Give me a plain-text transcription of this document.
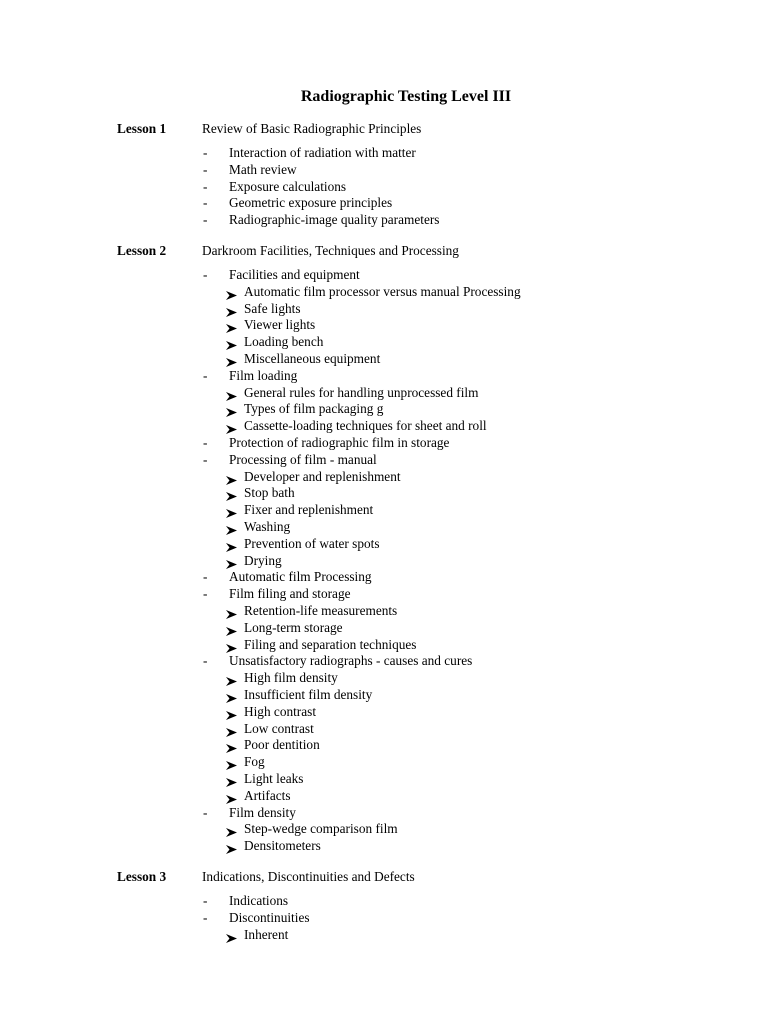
Radiographic Testing Level III
Lesson 1	Review of Basic Radiographic Principles
- Interaction of radiation with matter
- Math review
- Exposure calculations
- Geometric exposure principles
- Radiographic-image quality parameters
Lesson 2	Darkroom Facilities, Techniques and Processing
- Facilities and equipment
Automatic film processor versus manual Processing
Safe lights
Viewer lights
Loading bench
Miscellaneous equipment
- Film loading
General rules for handling unprocessed film
Types of film packaging g
Cassette-loading techniques for sheet and roll
- Protection of radiographic film in storage
- Processing of film - manual
Developer and replenishment
Stop bath
Fixer and replenishment
Washing
Prevention of water spots
Drying
- Automatic film Processing
- Film filing and storage
Retention-life measurements
Long-term storage
Filing and separation techniques
- Unsatisfactory radiographs - causes and cures
High film density
Insufficient film density
High contrast
Low contrast
Poor dentition
Fog
Light leaks
Artifacts
- Film density
Step-wedge comparison film
Densitometers
Lesson 3	Indications, Discontinuities and Defects
- Indications
- Discontinuities
Inherent
